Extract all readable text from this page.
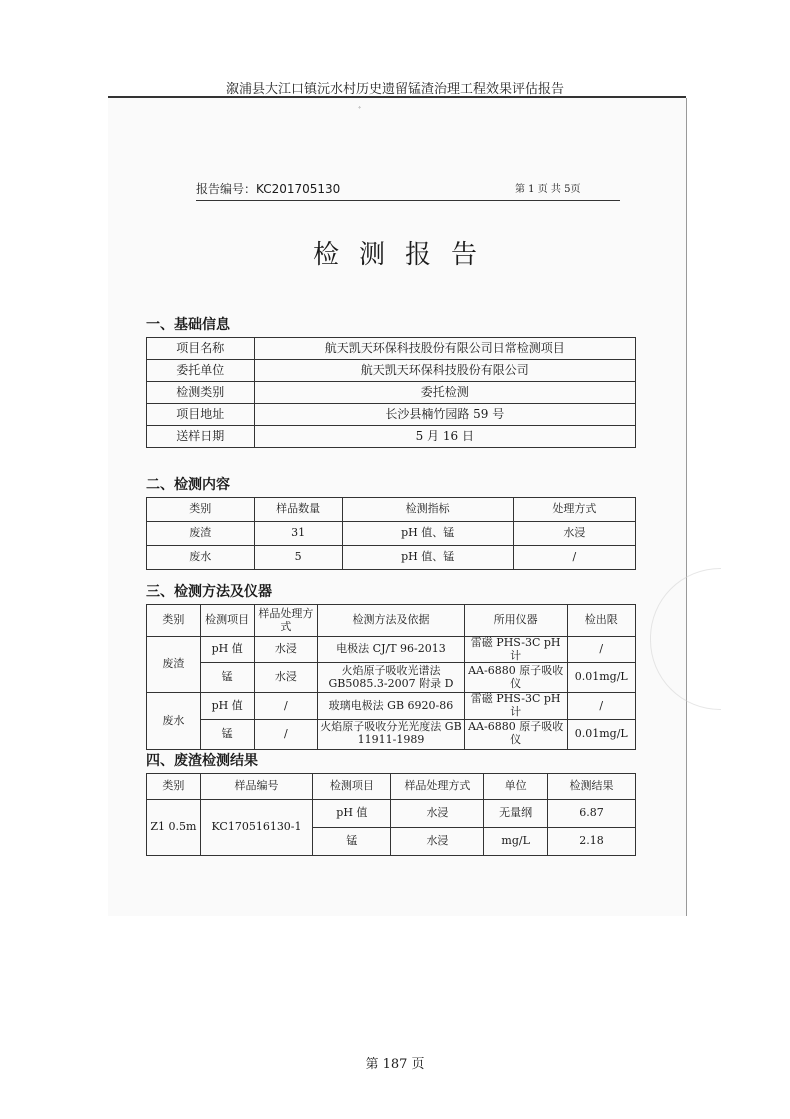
溆浦县大江口镇沅水村历史遗留锰渣治理工程效果评估报告
ﾞ
报告编号：KC201705130	第 1 页 共 5页
检测报告
一、基础信息
项目名称	航天凯天环保科技股份有限公司日常检测项目
委托单位	航天凯天环保科技股份有限公司
检测类别	委托检测
项目地址	长沙县楠竹园路 59 号
送样日期	5 月 16 日
二、检测内容
类别	样品数量	检测指标	处理方式
废渣	31	pH 值、锰	水浸
废水	5	pH 值、锰	/
三、检测方法及仪器
类别	检测项目	样品处理方式	检测方法及依据	所用仪器	检出限
废渣	pH 值	水浸	电极法 CJ/T 96-2013	雷磁 PHS-3C pH 计	/
	锰	水浸	火焰原子吸收光谱法 GB5085.3-2007 附录 D	AA-6880 原子吸收仪	0.01mg/L
废水	pH 值	/	玻璃电极法 GB 6920-86	雷磁 PHS-3C pH 计	/
	锰	/	火焰原子吸收分光光度法 GB 11911-1989	AA-6880 原子吸收仪	0.01mg/L
四、废渣检测结果
类别	样品编号	检测项目	样品处理方式	单位	检测结果
Z1 0.5m	KC170516130-1	pH 值	水浸	无量纲	6.87
		锰	水浸	mg/L	2.18
第 187 页
